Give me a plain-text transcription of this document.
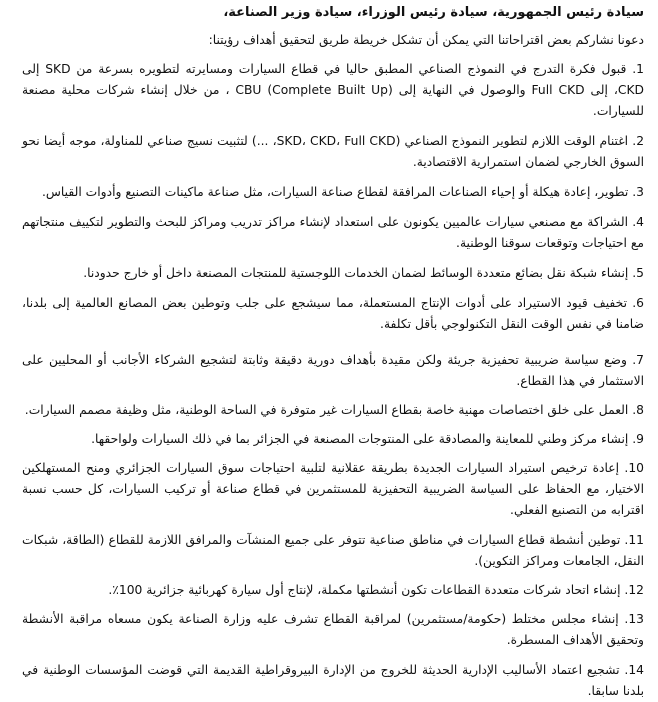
سيادة رئيس الجمهورية، سيادة رئيس الوزراء، سيادة وزير الصناعة،

دعونا نشاركم بعض اقتراحاتنا التي يمكن أن تشكل خريطة طريق لتحقيق أهداف رؤيتنا:

1. قبول فكرة التدرج في النموذج الصناعي المطبق حاليا في قطاع السيارات ومسايرته لتطويره بسرعة من SKD إلى CKD، إلى Full CKD والوصول في النهاية إلى CBU (Complete Built Up) ، من خلال إنشاء شركات محلية مصنعة للسيارات.

2. اغتنام الوقت اللازم لتطوير النموذج الصناعي (SKD، CKD، Full CKD، ...) لتثبيت نسيج صناعي للمناولة، موجه أيضا نحو السوق الخارجي لضمان استمرارية الاقتصادية.

3. تطوير، إعادة هيكلة أو إحياء الصناعات المرافقة لقطاع صناعة السيارات، مثل صناعة ماكينات التصنيع وأدوات القياس.

4. الشراكة مع مصنعي سيارات عالميين يكونون على استعداد لإنشاء مراكز تدريب ومراكز للبحث والتطوير لتكييف منتجاتهم مع احتياجات وتوقعات سوقنا الوطنية.

5. إنشاء شبكة نقل بضائع متعددة الوسائط لضمان الخدمات اللوجستية للمنتجات المصنعة داخل أو خارج حدودنا.

6. تخفيف قيود الاستيراد على أدوات الإنتاج المستعملة، مما سيشجع على جلب وتوطين بعض المصانع العالمية إلى بلدنا، ضامنا في نفس الوقت النقل التكنولوجي بأقل تكلفة.

7. وضع سياسة ضريبية تحفيزية جريئة ولكن مقيدة بأهداف دورية دقيقة وثابتة لتشجيع الشركاء الأجانب أو المحليين على الاستثمار في هذا القطاع.

8. العمل على خلق اختصاصات مهنية خاصة بقطاع السيارات غير متوفرة في الساحة الوطنية، مثل وظيفة مصمم السيارات.

9. إنشاء مركز وطني للمعاينة والمصادقة على المنتوجات المصنعة في الجزائر بما في ذلك السيارات ولواحقها.

10. إعادة ترخيص استيراد السيارات الجديدة بطريقة عقلانية لتلبية احتياجات سوق السيارات الجزائري ومنح المستهلكين الاختيار، مع الحفاظ على السياسة الضريبية التحفيزية للمستثمرين في قطاع صناعة أو تركيب السيارات، كل حسب نسبة اقترابه من التصنيع الفعلي.

11. توطين أنشطة قطاع السيارات في مناطق صناعية تتوفر على جميع المنشآت والمرافق اللازمة للقطاع (الطاقة، شبكات النقل، الجامعات ومراكز التكوين).

12. إنشاء اتحاد شركات متعددة القطاعات تكون أنشطتها مكملة، لإنتاج أول سيارة كهربائية جزائرية 100٪.

13. إنشاء مجلس مختلط (حكومة/مستثمرين) لمراقبة القطاع تشرف عليه وزارة الصناعة يكون مسعاه مراقبة الأنشطة وتحقيق الأهداف المسطرة.

14. تشجيع اعتماد الأساليب الإدارية الحديثة للخروج من الإدارة البيروقراطية القديمة التي قوضت المؤسسات الوطنية في بلدنا سابقا.
